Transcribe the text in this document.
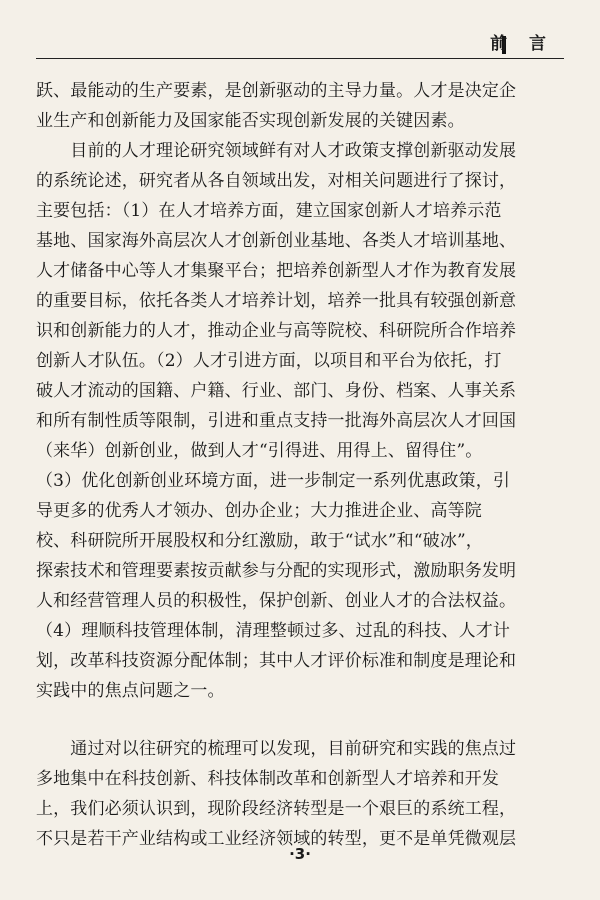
前 言
跃、最能动的生产要素，是创新驱动的主导力量。人才是决定企
业生产和创新能力及国家能否实现创新发展的关键因素。
　　目前的人才理论研究领域鲜有对人才政策支撑创新驱动发展
的系统论述，研究者从各自领域出发，对相关问题进行了探讨，
主要包括：（1）在人才培养方面，建立国家创新人才培养示范
基地、国家海外高层次人才创新创业基地、各类人才培训基地、
人才储备中心等人才集聚平台；把培养创新型人才作为教育发展
的重要目标，依托各类人才培养计划，培养一批具有较强创新意
识和创新能力的人才，推动企业与高等院校、科研院所合作培养
创新人才队伍。（2）人才引进方面，以项目和平台为依托，打
破人才流动的国籍、户籍、行业、部门、身份、档案、人事关系
和所有制性质等限制，引进和重点支持一批海外高层次人才回国
（来华）创新创业，做到人才“引得进、用得上、留得住”。
（3）优化创新创业环境方面，进一步制定一系列优惠政策，引
导更多的优秀人才领办、创办企业；大力推进企业、高等院
校、科研院所开展股权和分红激励，敢于“试水”和“破冰”，
探索技术和管理要素按贡献参与分配的实现形式，激励职务发明
人和经营管理人员的积极性，保护创新、创业人才的合法权益。
（4）理顺科技管理体制，清理整顿过多、过乱的科技、人才计
划，改革科技资源分配体制；其中人才评价标准和制度是理论和
实践中的焦点问题之一。
　　通过对以往研究的梳理可以发现，目前研究和实践的焦点过
多地集中在科技创新、科技体制改革和创新型人才培养和开发
上，我们必须认识到，现阶段经济转型是一个艰巨的系统工程，
不只是若干产业结构或工业经济领域的转型，更不是单凭微观层
·3·
